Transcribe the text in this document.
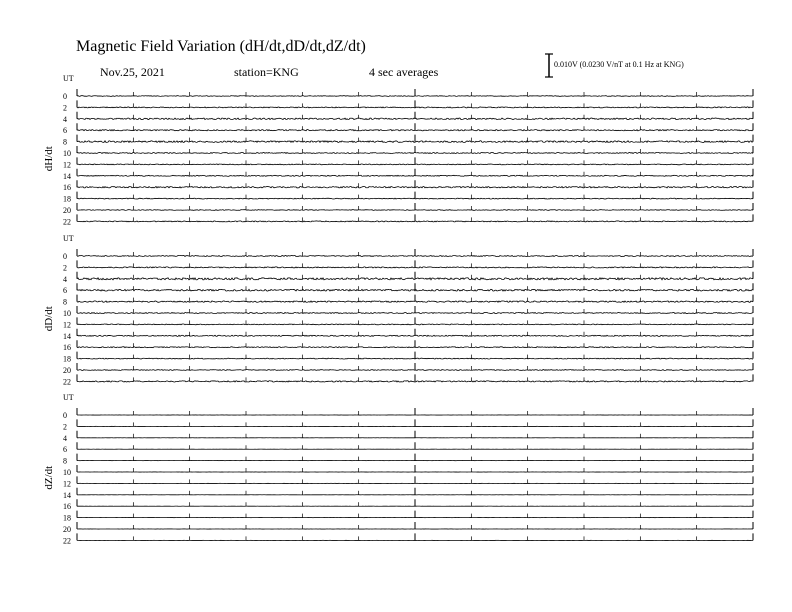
Magnetic Field Variation (dH/dt,dD/dt,dZ/dt)
Nov.25, 2021	station=KNG	4 sec averages
0.010V (0.0230 V/nT at 0.1 Hz at KNG)
UT
dH/dt
0
2
4
6
8
10
12
14
16
18
20
22
UT
dD/dt
0
2
4
6
8
10
12
14
16
18
20
22
UT
dZ/dt
0
2
4
6
8
10
12
14
16
18
20
22
